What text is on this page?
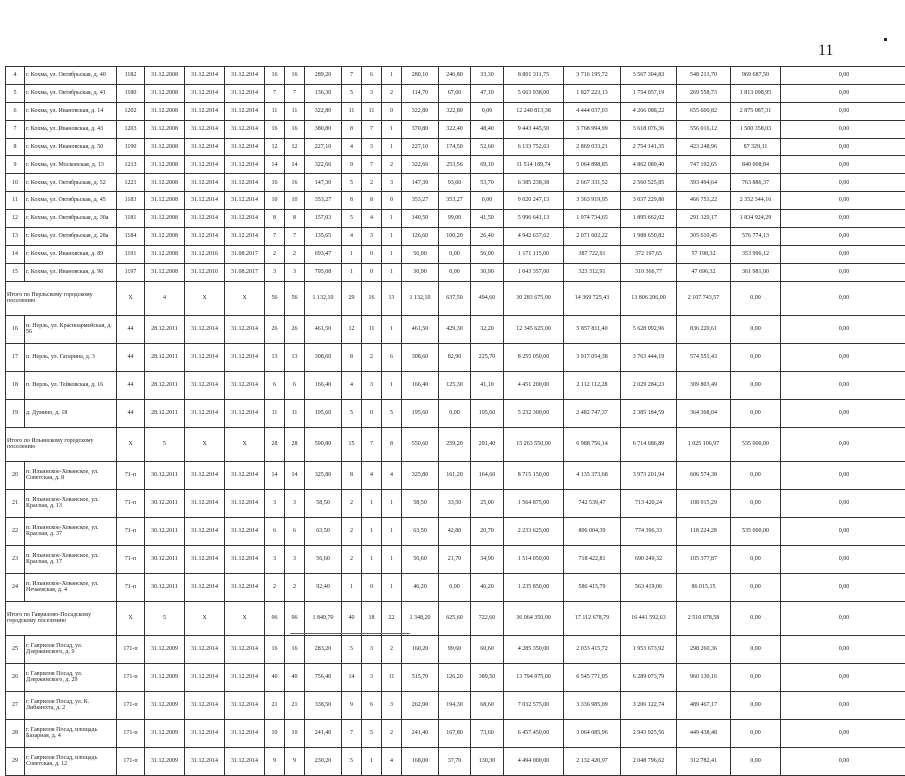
11
4	г. Кохма, ул. Октябрьская, д. 40	1182	31.12.2008	31.12.2014	31.12.2014	16	16	289,20	7	6	1	280,10	246,80	33,30	8 801 311,75	3 716 195,72	3 567 304,83	548 213,70	969 687,50	0,00
5	г. Кохма, ул. Октябрьская, д. 41	1180	31.12.2008	31.12.2014	31.12.2014	7	7	136,30	5	3	2	114,70	67,60	47,10	5 663 938,00	1 827 223,13	1 754 057,19	269 558,73	1 813 098,95	0,00
6	г. Кохма, ул. Ивановская, д. 14	1202	31.12.2008	31.12.2014	31.12.2014	11	11	322,80	11	11	0	322,80	322,80	0,00	12 240 813,38	4 444 037,03	4 266 088,22	655 600,82	2 875 087,31	0,00
7	г. Кохма, ул. Ивановская, д. 43	1203	31.12.2008	31.12.2014	31.12.2014	16	16	380,80	8	7	1	370,80	322,40	48,40	9 443 445,50	3 768 994,99	3 618 076,36	556 016,12	1 500 358,03	0,00
8	г. Кохма, ул. Ивановская, д. 50	1190	31.12.2008	31.12.2014	31.12.2014	12	12	227,10	4	3	1	227,10	174,50	52,60	6 133 752,63	2 869 033,21	2 754 141,35	423 248,96	87 329,11	0,00
9	г. Кохма, ул. Московская, д. 13	1213	31.12.2008	31.12.2014	31.12.2014	14	14	322,66	9	7	2	322,66	253,56	69,10	11 514 189,74	5 064 898,85	4 862 089,40	747 192,65	840 008,84	0,00
10	г. Кохма, ул. Октябрьская, д. 52	1221	31.12.2008	31.12.2014	31.12.2014	16	16	147,30	5	2	3	147,30	93,60	53,70	6 385 238,38	2 667 331,52	2 560 525,85	393 494,64	763 886,37	0,00
11	г. Кохма, ул. Октябрьская, д. 45	1183	31.12.2008	31.12.2014	31.12.2014	10	10	353,27	8	8	0	353,27	353,27	0,00	9 020 247,13	3 363 919,95	3 037 229,80	466 753,22	2 352 344,16	0,00
12	г. Кохма, ул. Октябрьская, д. 30а	1181	31.12.2008	31.12.2014	31.12.2014	8	8	157,03	5	4	1	140,50	99,00	41,50	5 996 641,13	1 974 734,65	1 895 662,02	291 320,17	1 834 924,29	0,00
13	г. Кохма, ул. Октябрьская, д. 28а	1184	31.12.2008	31.12.2014	31.12.2014	7	7	135,65	4	3	1	126,60	100,20	26,40	4 942 637,62	2 071 602,22	1 988 650,82	305 610,45	576 774,13	0,00
14	г. Кохма, ул. Ивановская, д. 89	1191	31.12.2008	31.12.2016	31.08.2017	2	2	693,47	1	0	1	56,00	0,00	56,00	1 171 115,00	387 722,91	372 197,65	57 198,32	353 996,12	0,00
15	г. Кохма, ул. Ивановская, д. 96	1197	31.12.2008	31.12.2016	31.08.2017	3	3	795,08	1	0	1	30,90	0,00	30,90	1 043 357,00	323 312,91	310 366,77	47 696,32	361 981,00	0,00
Итого по Нерльскому городскому поселению		X	4	X	X	56	56	1 132,10	29	16	13	1 132,10	637,50	494,60	30 283 675,00	14 369 725,43	13 806 206,00	2 107 743,57	0,00	0,00
16	п. Нерль, ул. Красноармейская, д. 56	44	28.12.2011	31.12.2014	31.12.2014	26	26	461,50	12	11	1	461,50	429,30	32,20	12 345 625,00	5 857 811,40	5 628 092,96	836 220,61	0,00	0,00
17	п. Нерль, ул. Гагарина, д. 3	44	28.12.2011	31.12.2014	31.12.2014	13	13	308,60	8	2	6	308,60	82,90	225,70	8 255 050,00	3 917 054,38	3 763 444,19	574 551,43	0,00	0,00
18	п. Нерль, ул. Тейковская, д. 16	44	28.12.2011	31.12.2014	31.12.2014	6	6	166,40	4	3	1	166,40	125,30	41,10	4 451 200,00	2 112 112,28	2 029 284,23	309 803,49	0,00	0,00
19	д. Думино, д. 18	44	28.12.2011	31.12.2014	31.12.2014	11	11	195,60	5	0	5	195,60	0,00	195,60	5 232 300,00	2 482 747,37	2 385 184,59	364 368,04	0,00	0,00
Итого по Ильинскому городскому поселению		X	5	X	X	28	28	590,80	15	7	8	550,60	259,20	291,40	15 263 550,00	6 988 756,14	6 714 686,89	1 025 106,97	535 000,00	0,00
20	п. Ильинское-Хованское, ул. Советская, д. 8	71-п	30.12.2011	31.12.2014	31.12.2014	14	14	325,80	8	4	4	325,80	161,20	164,60	8 715 150,00	4 135 373,68	3 973 201,94	606 574,38	0,00	0,00
21	п. Ильинское-Хованское, ул. Красная, д. 13	71-п	30.12.2011	31.12.2014	31.12.2014	3	3	58,50	2	1	1	58,50	33,50	25,00	1 564 875,00	742 539,47	713 420,24	108 915,29	0,00	0,00
22	п. Ильинское-Хованское, ул. Красная, д. 37	71-п	30.12.2011	31.12.2014	31.12.2014	6	6	63,50	2	1	1	63,50	42,80	20,70	2 233 625,00	806 004,39	774 396,33	118 224,28	535 000,00	0,00
23	п. Ильинское-Хованское, ул. Красная, д. 17	71-п	30.12.2011	31.12.2014	31.12.2014	3	3	56,60	2	1	1	56,60	21,70	34,90	1 514 050,00	718 422,81	690 249,32	105 377,87	0,00	0,00
24	п. Ильинское-Хованское, ул. Нечаевская, д. 4	71-п	30.12.2011	31.12.2014	31.12.2014	2	2	92,40	1	0	1	46,20	0,00	46,20	1 235 850,00	586 415,79	563 419,06	86 015,15	0,00	0,00
Итого по Гаврилово-Посадскому городскому поселению		X	5	X	X	96	96	1 849,70	40	18	22	1 348,20	625,60	722,60	36 064 350,00	17 112 678,79	16 441 592,63	2 510 078,58	0,00	0,00
25	г. Гаврилов Посад, ул. Дзержинского, д. 9	171-п	31.12.2009	31.12.2014	31.12.2014	16	16	283,20	5	3	2	160,20	99,60	60,60	4 285 350,00	2 033 415,72	1 953 673,92	298 260,36	0,00	0,00
26	г. Гаврилов Посад, ул. Дзержинского, д. 29	171-п	31.12.2009	31.12.2014	31.12.2014	40	40	756,40	14	3	11	515,70	126,20	389,50	13 794 975,00	6 545 771,05	6 289 073,79	960 130,16	0,00	0,00
27	г. Гаврилов Посад, ул. К. Либкнехта, д. 2	171-п	31.12.2009	31.12.2014	31.12.2014	21	21	338,50	9	6	3	262,90	194,30	68,60	7 032 575,00	3 336 985,09	3 206 122,74	489 467,17	0,00	0,00
28	г. Гаврилов Посад, площадь Базарная, д. 4	171-п	31.12.2009	31.12.2014	31.12.2014	10	10	241,40	7	5	2	241,40	167,80	73,60	6 457 450,00	3 064 085,96	2 943 925,56	449 438,48	0,00	0,00
29	г. Гаврилов Посад, площадь Советская, д. 12	171-п	31.12.2009	31.12.2014	31.12.2014	9	9	230,20	5	1	4	168,00	37,70	130,30	4 494 000,00	2 132 420,97	2 048 796,62	312 782,41	0,00	0,00
